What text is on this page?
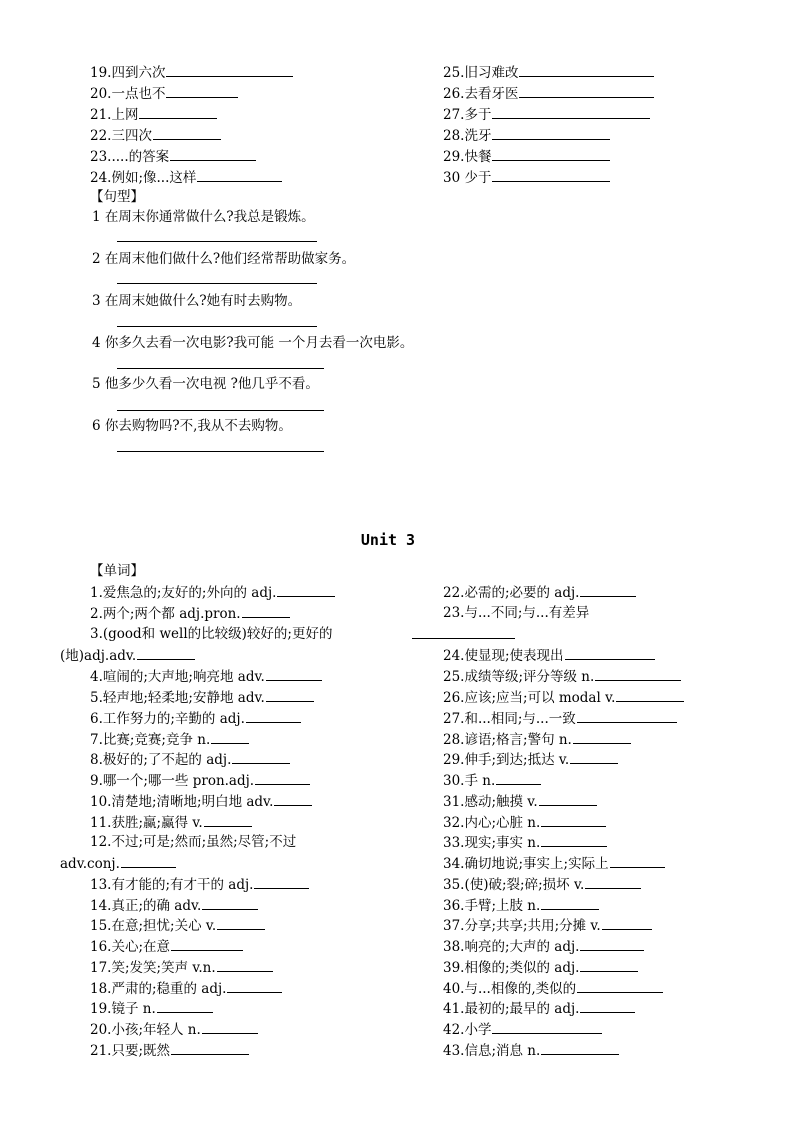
19.四到六次
20.一点也不
21.上网
22.三四次
23.....的答案
24.例如;像...这样
25.旧习难改
26.去看牙医
27.多于
28.洗牙
29.快餐
30 少于
【句型】
1 在周末你通常做什么?我总是锻炼。
2 在周末他们做什么?他们经常帮助做家务。
3 在周末她做什么?她有时去购物。
4 你多久去看一次电影?我可能 一个月去看一次电影。
5 他多少久看一次电视 ?他几乎不看。
6 你去购物吗?不,我从不去购物。
Unit 3
【单词】
1.爱焦急的;友好的;外向的 adj.
2.两个;两个都 adj.pron.
3.(good和 well的比较级)较好的;更好的
(地)adj.adv.
4.喧闹的;大声地;响亮地 adv.
5.轻声地;轻柔地;安静地 adv.
6.工作努力的;辛勤的 adj.
7.比赛;竞赛;竞争 n.
8.极好的;了不起的 adj.
9.哪一个;哪一些 pron.adj.
10.清楚地;清晰地;明白地 adv.
11.获胜;赢;赢得 v.
12.不过;可是;然而;虽然;尽管;不过
adv.conj.
13.有才能的;有才干的 adj.
14.真正;的确 adv.
15.在意;担忧;关心 v.
16.关心;在意
17.笑;发笑;笑声 v.n.
18.严肃的;稳重的 adj.
19.镜子 n.
20.小孩;年轻人 n.
21.只要;既然
22.必需的;必要的 adj.
23.与...不同;与...有差异
24.使显现;使表现出
25.成绩等级;评分等级 n.
26.应该;应当;可以 modal v.
27.和...相同;与...一致
28.谚语;格言;警句 n.
29.伸手;到达;抵达 v.
30.手 n.
31.感动;触摸 v.
32.内心;心脏 n.
33.现实;事实 n.
34.确切地说;事实上;实际上
35.(使)破;裂;碎;损坏 v.
36.手臂;上肢 n.
37.分享;共享;共用;分摊 v.
38.响亮的;大声的 adj.
39.相像的;类似的 adj.
40.与...相像的,类似的
41.最初的;最早的 adj.
42.小学
43.信息;消息 n.
